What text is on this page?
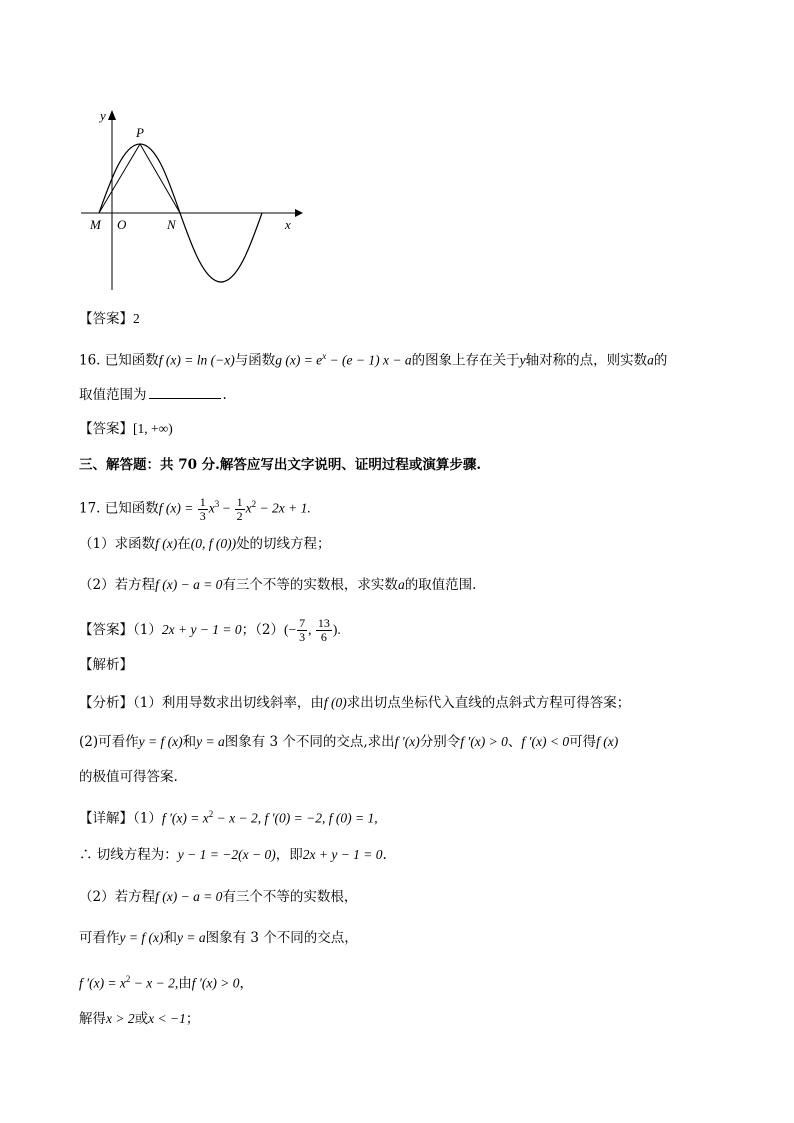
y
P
M O	N	x
【答案】2
16. 已知函数f (x) = ln (−x)与函数g $(x) = e^x - (e - 1) x - a$的图象上存在关于y轴对称的点，则实数a的
取值范围为	.
【答案】[1, +∞)
三、解答题：共 70 分.解答应写出文字说明、证明过程或演算步骤.
17. 已知函数f $(x) = \frac{1}{3} x^3 - \frac{1}{2} x^2 - 2x + 1$.
（1）求函数f (x)在(0, f (0))处的切线方程；
（2）若方程f (x) − a = 0有三个不等的实数根，求实数a的取值范围.
【答案】（1）2x + y − 1 = 0；$(2)(- \frac{7}{3}$ , $\frac{13}{6}$ ).
【解析】
【分析】（1）利用导数求出切线斜率，由f (0)求出切点坐标代入直线的点斜式方程可得答案；
(2)可看作y = f (x)和y = a图象有 3 个不同的交点,求出f ′(x)分别令f ′(x) > 0、f ′(x) < 0可得f (x)
的极值可得答案.
【详解】（1）f $'(x) = x^2 - x - 2$, f ′(0) = −2, f (0) = 1,
∴ 切线方程为：y − 1 = −2(x − 0)，即2x + y − 1 = 0.
（2）若方程f (x) − a = 0有三个不等的实数根，
可看作y = f (x)和y = a图象有 3 个不同的交点，
f $'(x) = x^2 - x - 2$,由f ′(x) > 0，
解得x > 2或x < −1；
